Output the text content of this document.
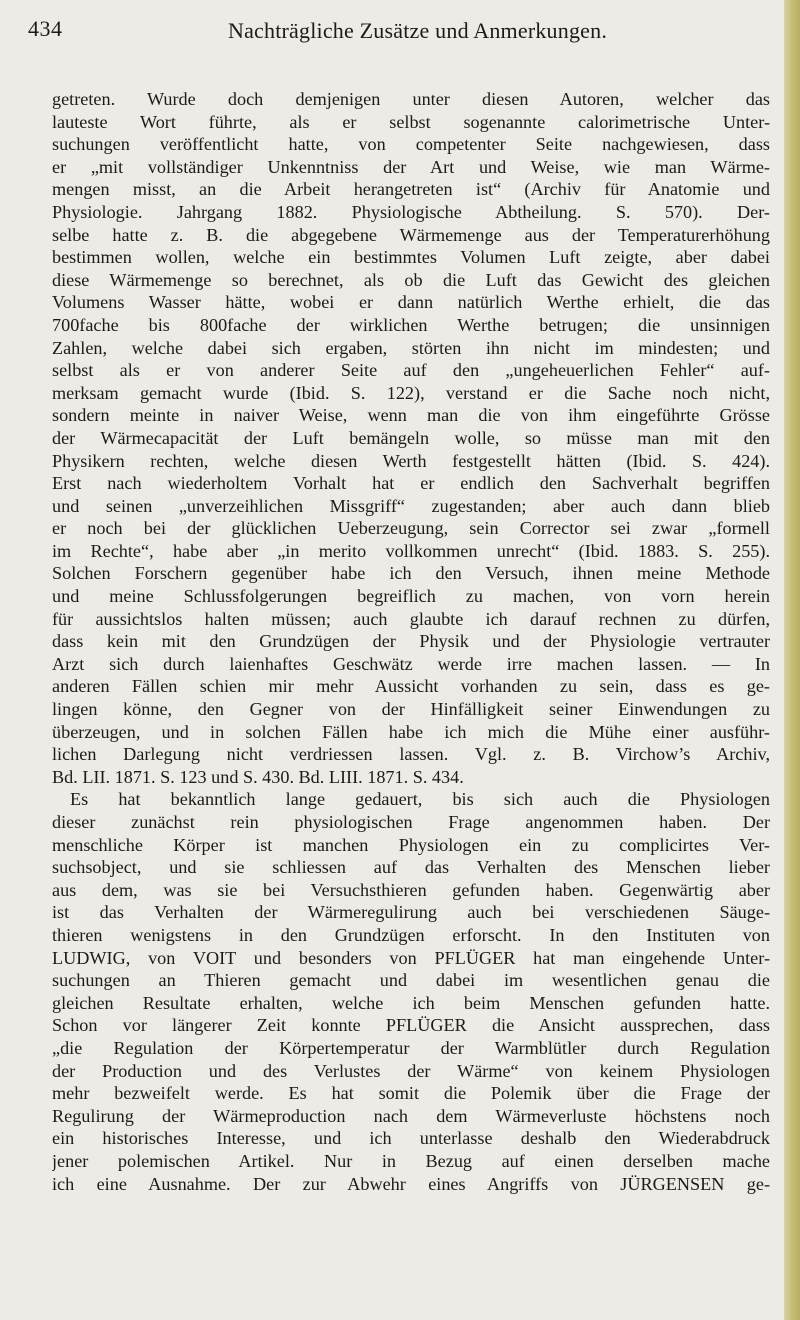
434	Nachträgliche Zusätze und Anmerkungen.
getreten. Wurde doch demjenigen unter diesen Autoren, welcher das
lauteste Wort führte, als er selbst sogenannte calorimetrische Unter-
suchungen veröffentlicht hatte, von competenter Seite nachgewiesen, dass
er „mit vollständiger Unkenntniss der Art und Weise, wie man Wärme-
mengen misst, an die Arbeit herangetreten ist“ (Archiv für Anatomie und
Physiologie. Jahrgang 1882. Physiologische Abtheilung. S. 570). Der-
selbe hatte z. B. die abgegebene Wärmemenge aus der Temperaturerhöhung
bestimmen wollen, welche ein bestimmtes Volumen Luft zeigte, aber dabei
diese Wärmemenge so berechnet, als ob die Luft das Gewicht des gleichen
Volumens Wasser hätte, wobei er dann natürlich Werthe erhielt, die das
700fache bis 800fache der wirklichen Werthe betrugen; die unsinnigen
Zahlen, welche dabei sich ergaben, störten ihn nicht im mindesten; und
selbst als er von anderer Seite auf den „ungeheuerlichen Fehler“ auf-
merksam gemacht wurde (Ibid. S. 122), verstand er die Sache noch nicht,
sondern meinte in naiver Weise, wenn man die von ihm eingeführte Grösse
der Wärmecapacität der Luft bemängeln wolle, so müsse man mit den
Physikern rechten, welche diesen Werth festgestellt hätten (Ibid. S. 424).
Erst nach wiederholtem Vorhalt hat er endlich den Sachverhalt begriffen
und seinen „unverzeihlichen Missgriff“ zugestanden; aber auch dann blieb
er noch bei der glücklichen Ueberzeugung, sein Corrector sei zwar „formell
im Rechte“, habe aber „in merito vollkommen unrecht“ (Ibid. 1883. S. 255).
Solchen Forschern gegenüber habe ich den Versuch, ihnen meine Methode
und meine Schlussfolgerungen begreiflich zu machen, von vorn herein
für aussichtslos halten müssen; auch glaubte ich darauf rechnen zu dürfen,
dass kein mit den Grundzügen der Physik und der Physiologie vertrauter
Arzt sich durch laienhaftes Geschwätz werde irre machen lassen. — In
anderen Fällen schien mir mehr Aussicht vorhanden zu sein, dass es ge-
lingen könne, den Gegner von der Hinfälligkeit seiner Einwendungen zu
überzeugen, und in solchen Fällen habe ich mich die Mühe einer ausführ-
lichen Darlegung nicht verdriessen lassen. Vgl. z. B. Virchow’s Archiv,
Bd. LII. 1871. S. 123 und S. 430. Bd. LIII. 1871. S. 434.
Es hat bekanntlich lange gedauert, bis sich auch die Physiologen
dieser zunächst rein physiologischen Frage angenommen haben. Der
menschliche Körper ist manchen Physiologen ein zu complicirtes Ver-
suchsobject, und sie schliessen auf das Verhalten des Menschen lieber
aus dem, was sie bei Versuchsthieren gefunden haben. Gegenwärtig aber
ist das Verhalten der Wärmeregulirung auch bei verschiedenen Säuge-
thieren wenigstens in den Grundzügen erforscht. In den Instituten von
LUDWIG, von VOIT und besonders von PFLÜGER hat man eingehende Unter-
suchungen an Thieren gemacht und dabei im wesentlichen genau die
gleichen Resultate erhalten, welche ich beim Menschen gefunden hatte.
Schon vor längerer Zeit konnte PFLÜGER die Ansicht aussprechen, dass
„die Regulation der Körpertemperatur der Warmblütler durch Regulation
der Production und des Verlustes der Wärme“ von keinem Physiologen
mehr bezweifelt werde. Es hat somit die Polemik über die Frage der
Regulirung der Wärmeproduction nach dem Wärmeverluste höchstens noch
ein historisches Interesse, und ich unterlasse deshalb den Wiederabdruck
jener polemischen Artikel. Nur in Bezug auf einen derselben mache
ich eine Ausnahme. Der zur Abwehr eines Angriffs von JÜRGENSEN ge-
